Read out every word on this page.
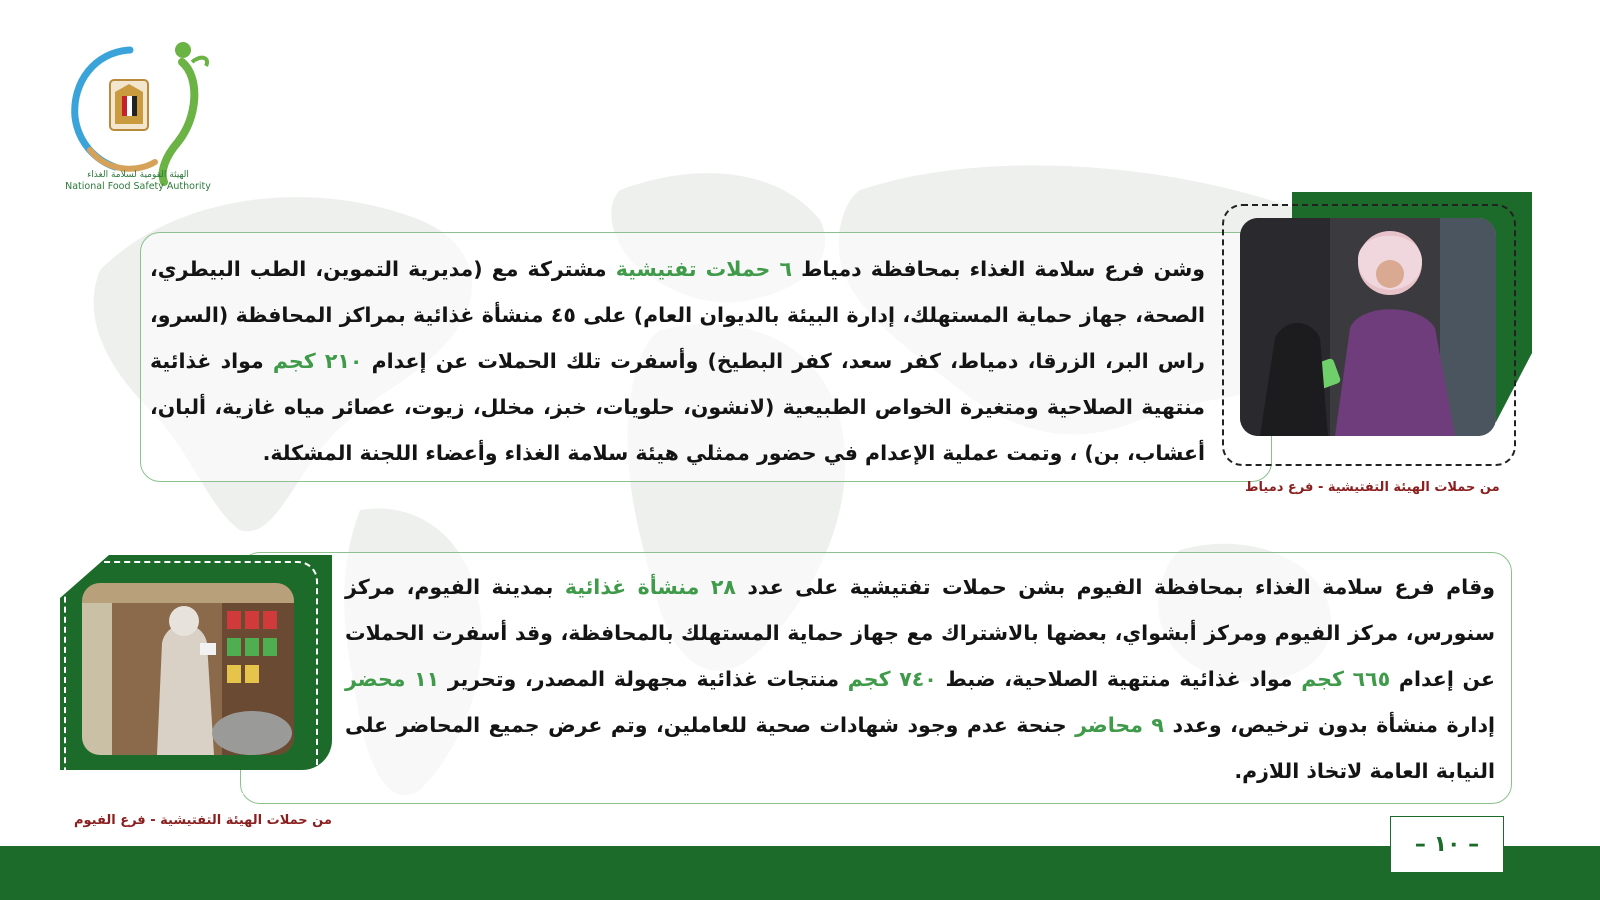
NFSA
الهيئة القومية لسلامة الغذاء
National Food Safety Authority
وشن فرع سلامة الغذاء بمحافظة دمياط ٦ حملات تفتيشية مشتركة مع (مديرية التموين، الطب البيطري، الصحة، جهاز حماية المستهلك، إدارة البيئة بالديوان العام) على ٤٥ منشأة غذائية بمراكز المحافظة (السرو، راس البر، الزرقا، دمياط، كفر سعد، كفر البطيخ) وأسفرت تلك الحملات عن إعدام ٢١٠ كجم مواد غذائية منتهية الصلاحية ومتغيرة الخواص الطبيعية (لانشون، حلويات، خبز، مخلل، زيوت، عصائر مياه غازية، ألبان، أعشاب، بن) ، وتمت عملية الإعدام في حضور ممثلي هيئة سلامة الغذاء وأعضاء اللجنة المشكلة.
من حملات الهيئة التفتيشية - فرع دمياط
وقام فرع سلامة الغذاء بمحافظة الفيوم بشن حملات تفتيشية على عدد ٢٨ منشأة غذائية بمدينة الفيوم، مركز سنورس، مركز الفيوم ومركز أبشواي، بعضها بالاشتراك مع جهاز حماية المستهلك بالمحافظة، وقد أسفرت الحملات عن إعدام ٦٦٥ كجم مواد غذائية منتهية الصلاحية، ضبط ٧٤٠ كجم منتجات غذائية مجهولة المصدر، وتحرير ١١ محضر إدارة منشأة بدون ترخيص، وعدد ٩ محاضر جنحة عدم وجود شهادات صحية للعاملين، وتم عرض جميع المحاضر على النيابة العامة لاتخاذ اللازم.
من حملات الهيئة التفتيشية - فرع الفيوم
– ١٠ –
